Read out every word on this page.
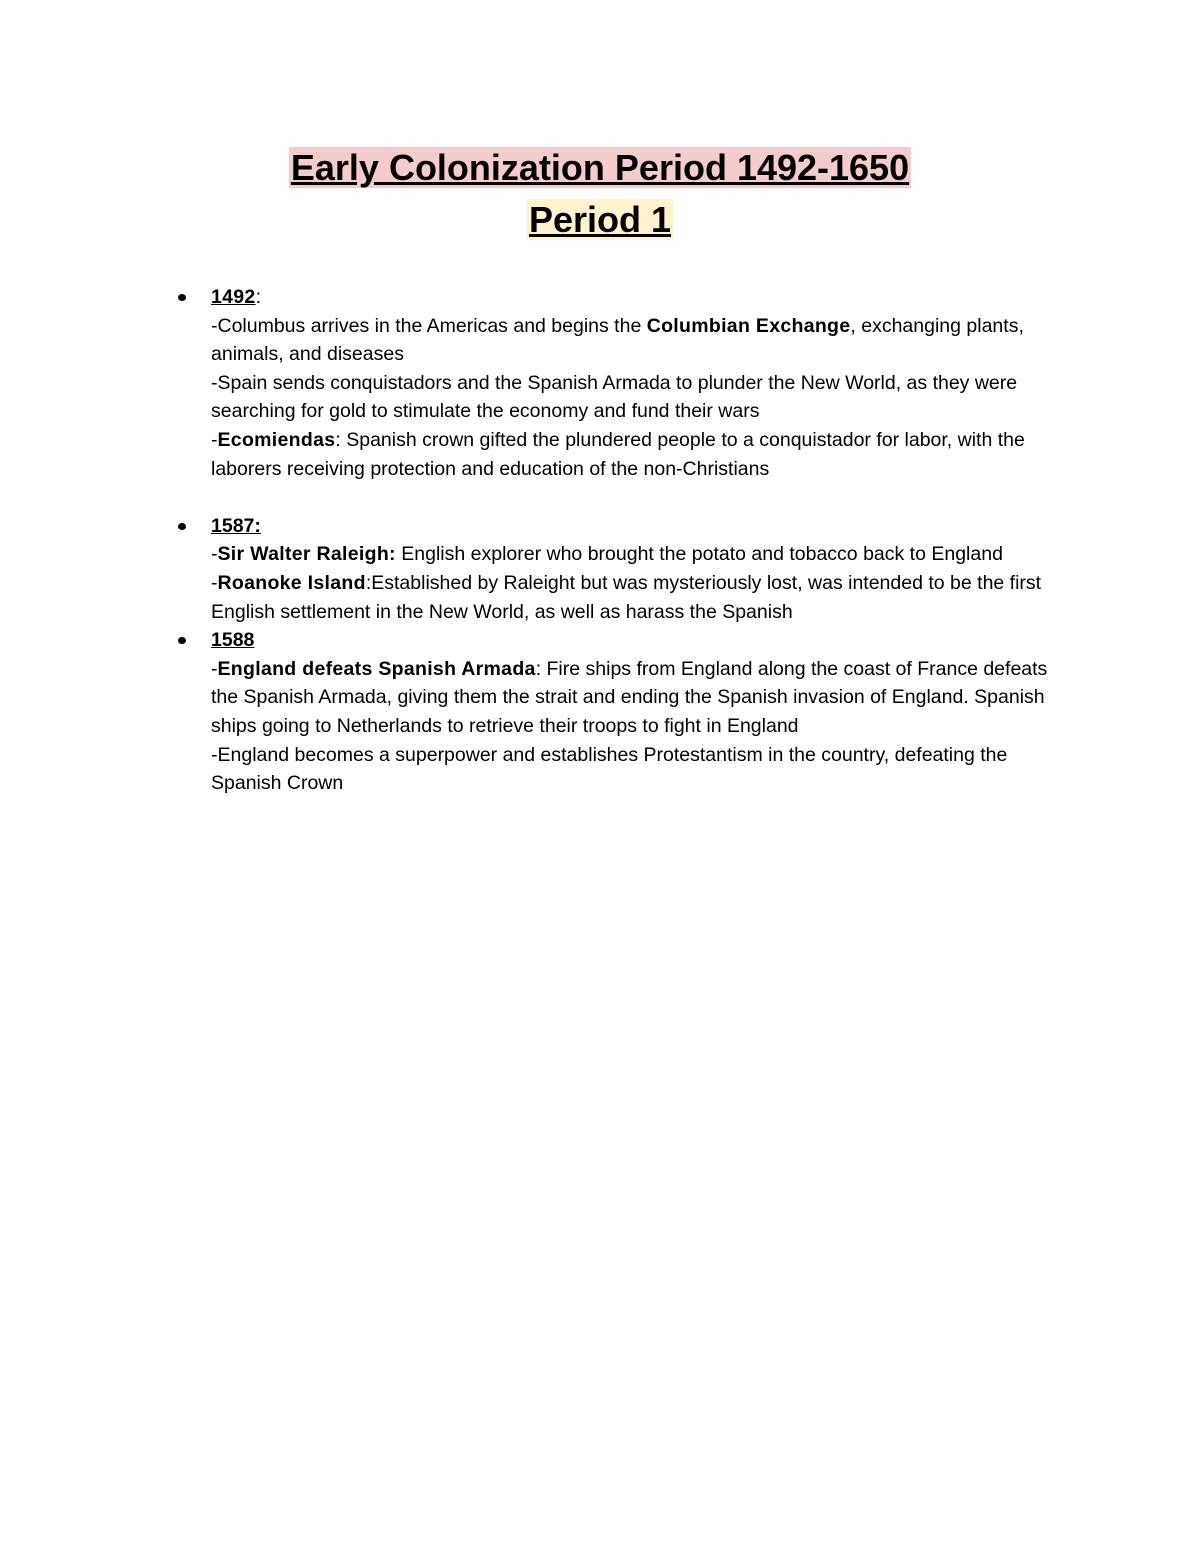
Early Colonization Period 1492-1650
Period 1
1492:
-Columbus arrives in the Americas and begins the Columbian Exchange, exchanging plants, animals, and diseases
-Spain sends conquistadors and the Spanish Armada to plunder the New World, as they were searching for gold to stimulate the economy and fund their wars
-Ecomiendas: Spanish crown gifted the plundered people to a conquistador for labor, with the laborers receiving protection and education of the non-Christians
1587:
-Sir Walter Raleigh: English explorer who brought the potato and tobacco back to England
-Roanoke Island:Established by Raleight but was mysteriously lost, was intended to be the first English settlement in the New World, as well as harass the Spanish
1588
-England defeats Spanish Armada: Fire ships from England along the coast of France defeats the Spanish Armada, giving them the strait and ending the Spanish invasion of England. Spanish ships going to Netherlands to retrieve their troops to fight in England
-England becomes a superpower and establishes Protestantism in the country, defeating the Spanish Crown
